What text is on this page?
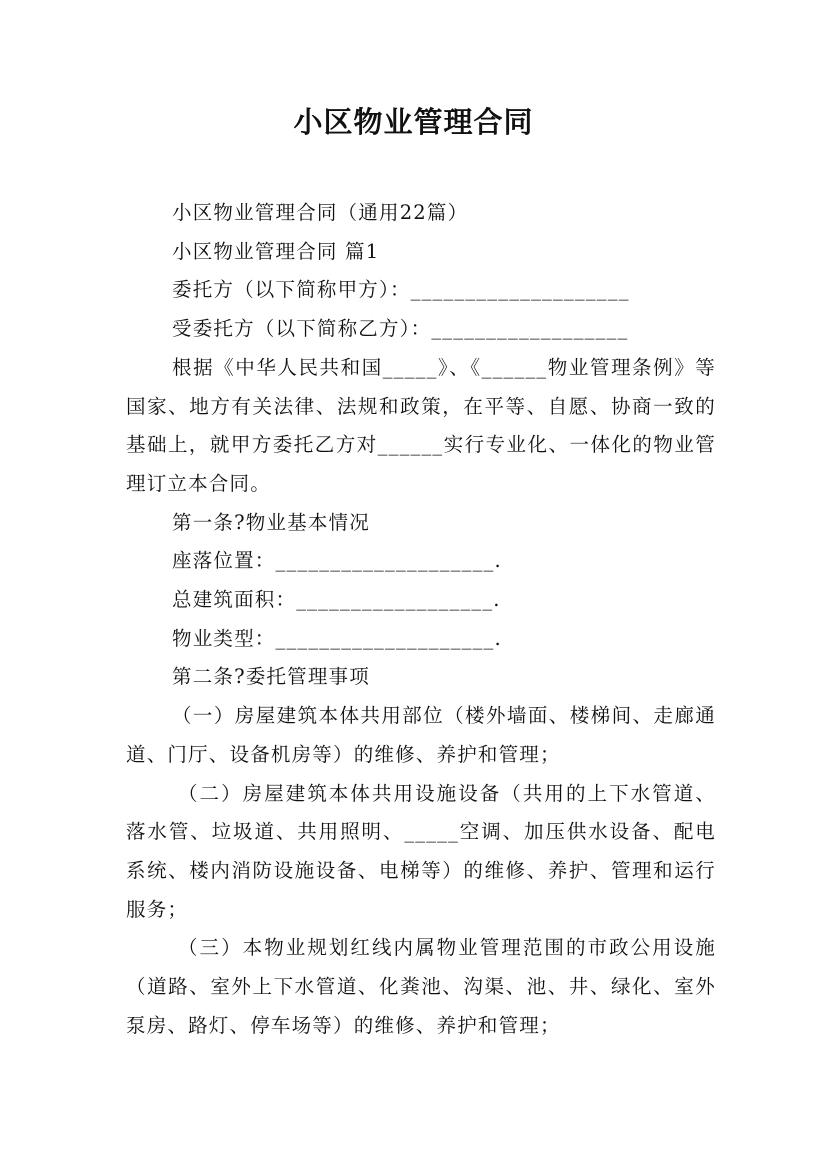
小区物业管理合同

小区物业管理合同（通用22篇）

小区物业管理合同 篇1

委托方（以下简称甲方）：____________________

受委托方（以下简称乙方）：__________________

根据《中华人民共和国_____》、《______物业管理条例》等国家、地方有关法律、法规和政策，在平等、自愿、协商一致的基础上，就甲方委托乙方对______实行专业化、一体化的物业管理订立本合同。

第一条?物业基本情况

座落位置：____________________.

总建筑面积：__________________.

物业类型：____________________.

第二条?委托管理事项

（一）房屋建筑本体共用部位（楼外墙面、楼梯间、走廊通道、门厅、设备机房等）的维修、养护和管理；

（二）房屋建筑本体共用设施设备（共用的上下水管道、落水管、垃圾道、共用照明、_____空调、加压供水设备、配电系统、楼内消防设施设备、电梯等）的维修、养护、管理和运行服务；

（三）本物业规划红线内属物业管理范围的市政公用设施（道路、室外上下水管道、化粪池、沟渠、池、井、绿化、室外泵房、路灯、停车场等）的维修、养护和管理；
